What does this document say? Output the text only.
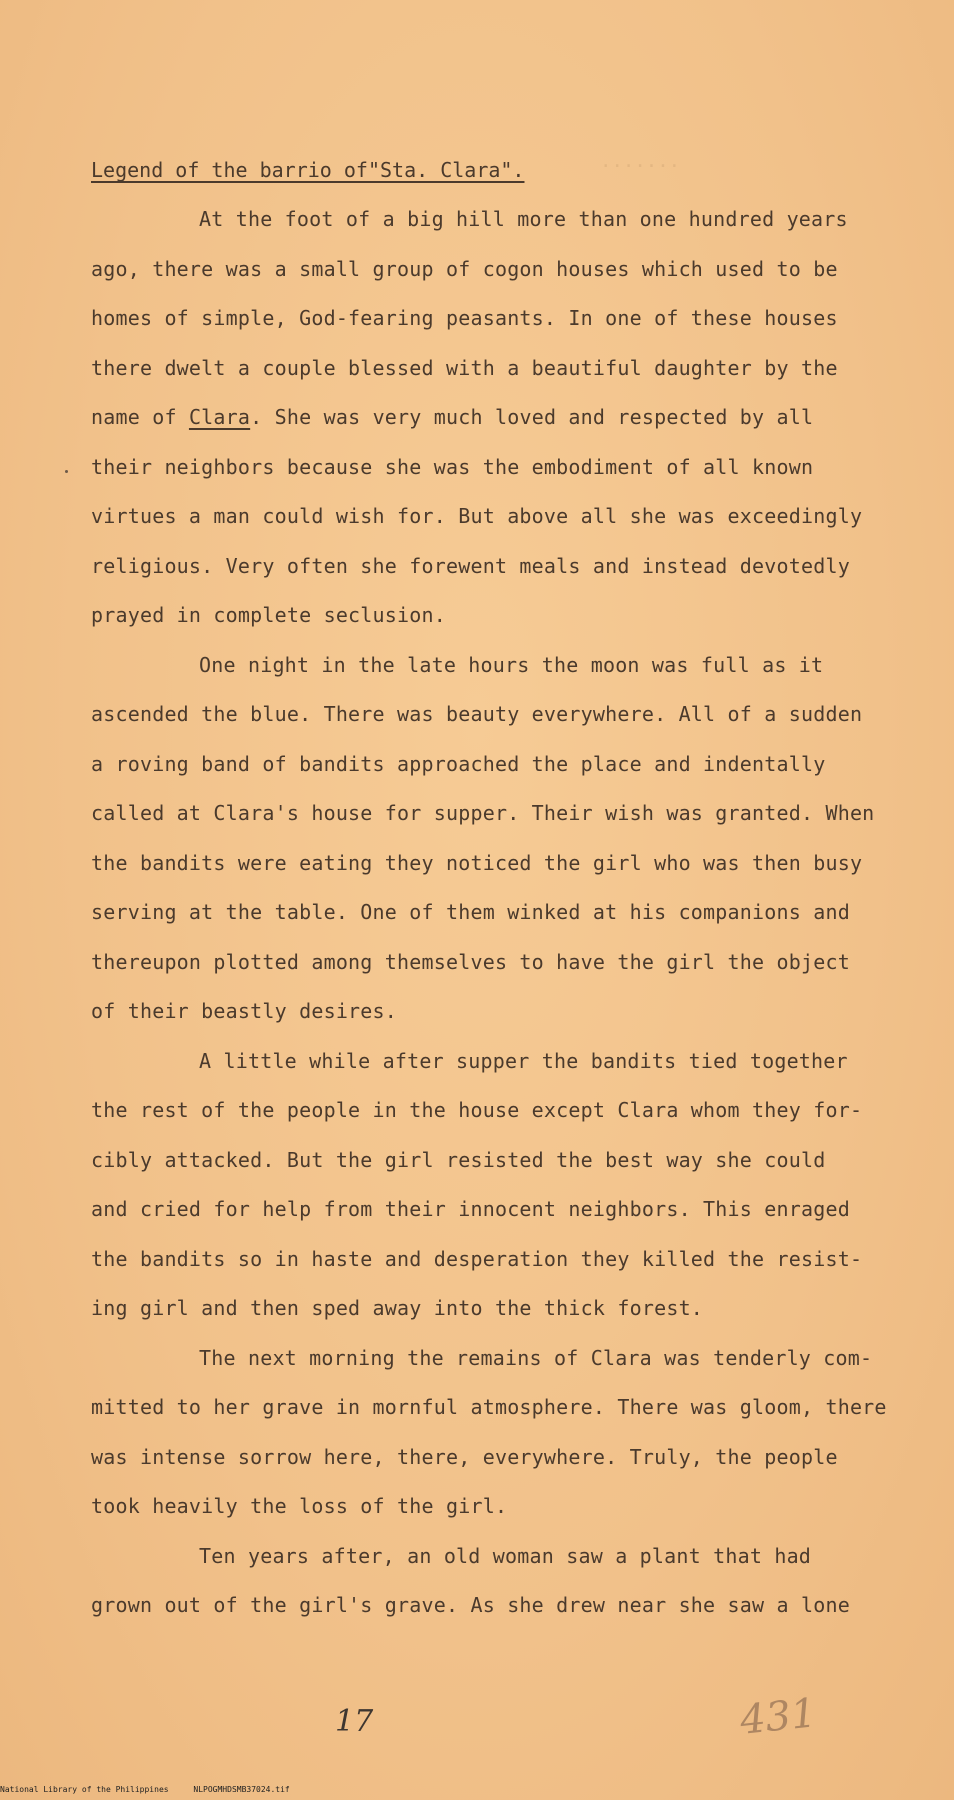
.......
Legend of the barrio of"Sta. Clara".
At the foot of a big hill more than one hundred years
ago, there was a small group of cogon houses which used to be
homes of simple, God-fearing peasants. In one of these houses
there dwelt a couple blessed with a beautiful daughter by the
name of Clara. She was very much loved and respected by all
their neighbors because she was the embodiment of all known
virtues a man could wish for. But above all she was exceedingly
religious. Very often she forewent meals and instead devotedly
prayed in complete seclusion.
One night in the late hours the moon was full as it
ascended the blue. There was beauty everywhere. All of a sudden
a roving band of bandits approached the place and indentally
called at Clara's house for supper. Their wish was granted. When
the bandits were eating they noticed the girl who was then busy
serving at the table. One of them winked at his companions and
thereupon plotted among themselves to have the girl the object
of their beastly desires.
A little while after supper the bandits tied together
the rest of the people in the house except Clara whom they for-
cibly attacked. But the girl resisted the best way she could
and cried for help from their innocent neighbors. This enraged
the bandits so in haste and desperation they killed the resist-
ing girl and then sped away into the thick forest.
The next morning the remains of Clara was tenderly com-
mitted to her grave in mornful atmosphere. There was gloom, there
was intense sorrow here, there, everywhere. Truly, the people
took heavily the loss of the girl.
Ten years after, an old woman saw a plant that had
grown out of the girl's grave. As she drew near she saw a lone
17	431
National Library of the Philippines	NLPOGMHDSMB37024.tif
